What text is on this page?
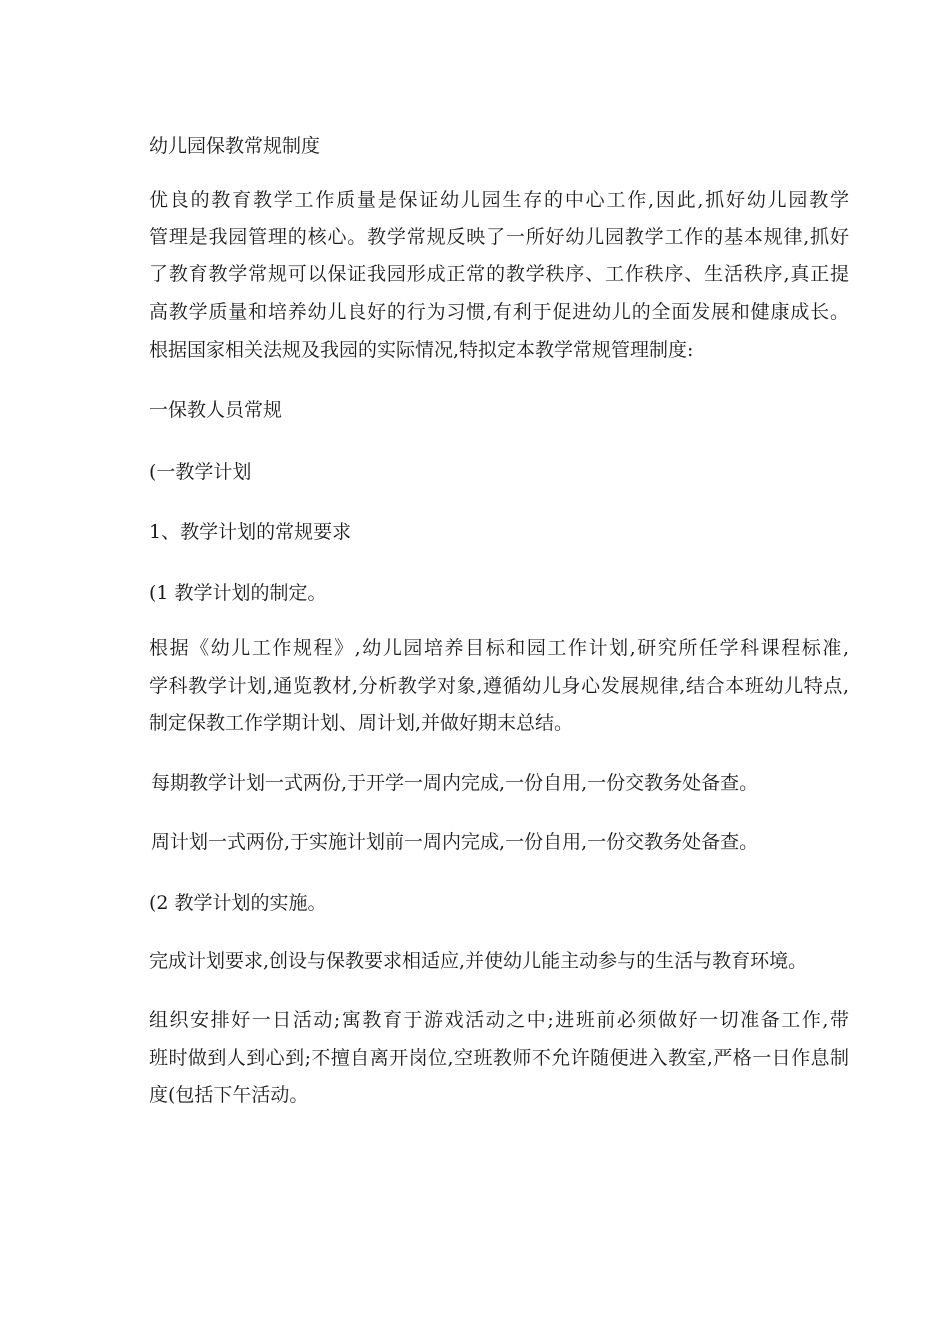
幼儿园保教常规制度
优良的教育教学工作质量是保证幼儿园生存的中心工作,因此,抓好幼儿园教学
管理是我园管理的核心。教学常规反映了一所好幼儿园教学工作的基本规律,抓好
了教育教学常规可以保证我园形成正常的教学秩序、工作秩序、生活秩序,真正提
高教学质量和培养幼儿良好的行为习惯,有利于促进幼儿的全面发展和健康成长。
根据国家相关法规及我园的实际情况,特拟定本教学常规管理制度:
一保教人员常规
(一教学计划
1、教学计划的常规要求
(1 教学计划的制定。
根据《幼儿工作规程》,幼儿园培养目标和园工作计划,研究所任学科课程标准,
学科教学计划,通览教材,分析教学对象,遵循幼儿身心发展规律,结合本班幼儿特点,
制定保教工作学期计划、周计划,并做好期末总结。
每期教学计划一式两份,于开学一周内完成,一份自用,一份交教务处备查。
周计划一式两份,于实施计划前一周内完成,一份自用,一份交教务处备查。
(2 教学计划的实施。
完成计划要求,创设与保教要求相适应,并使幼儿能主动参与的生活与教育环境。
组织安排好一日活动;寓教育于游戏活动之中;进班前必须做好一切准备工作,带
班时做到人到心到;不擅自离开岗位,空班教师不允许随便进入教室,严格一日作息制
度(包括下午活动。
